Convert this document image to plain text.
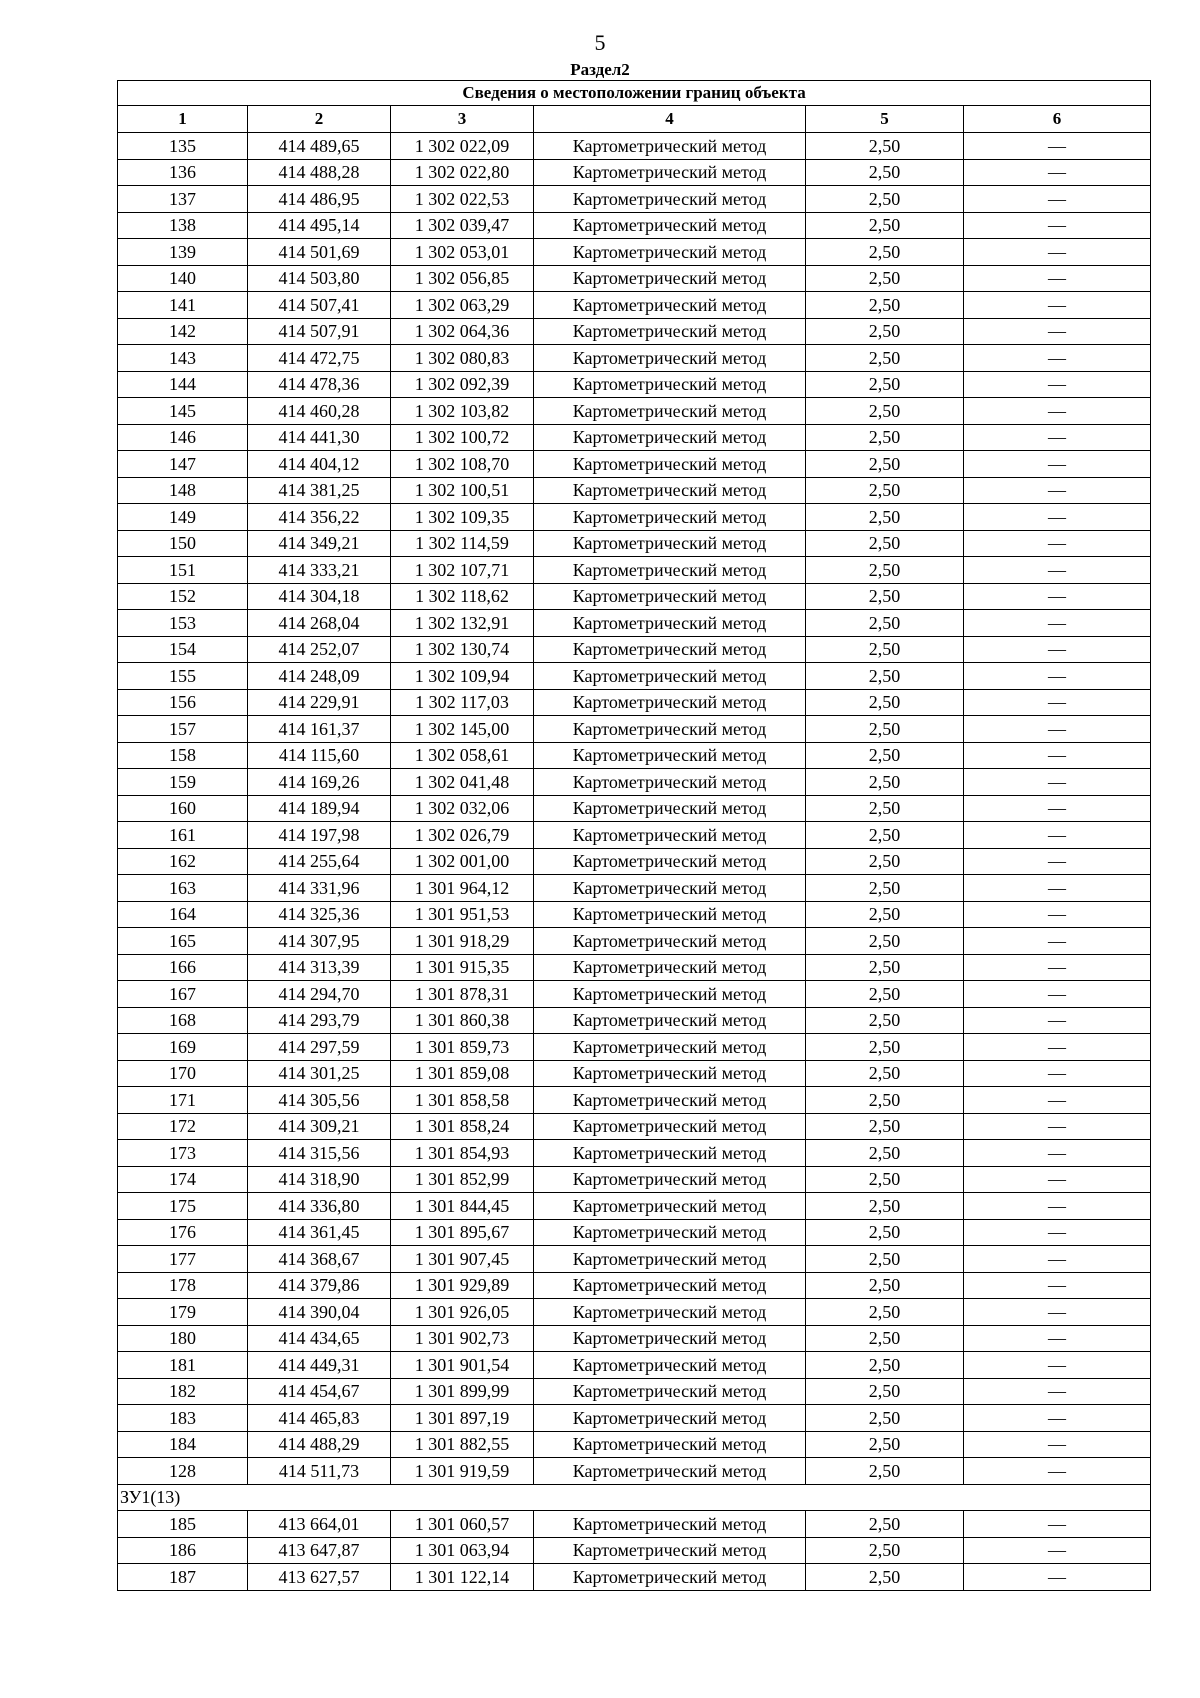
5
Раздел2
Сведения о местоположении границ объекта					
1	2	3	4	5	6
135	414 489,65	1 302 022,09	Картометрический метод	2,50	—
136	414 488,28	1 302 022,80	Картометрический метод	2,50	—
137	414 486,95	1 302 022,53	Картометрический метод	2,50	—
138	414 495,14	1 302 039,47	Картометрический метод	2,50	—
139	414 501,69	1 302 053,01	Картометрический метод	2,50	—
140	414 503,80	1 302 056,85	Картометрический метод	2,50	—
141	414 507,41	1 302 063,29	Картометрический метод	2,50	—
142	414 507,91	1 302 064,36	Картометрический метод	2,50	—
143	414 472,75	1 302 080,83	Картометрический метод	2,50	—
144	414 478,36	1 302 092,39	Картометрический метод	2,50	—
145	414 460,28	1 302 103,82	Картометрический метод	2,50	—
146	414 441,30	1 302 100,72	Картометрический метод	2,50	—
147	414 404,12	1 302 108,70	Картометрический метод	2,50	—
148	414 381,25	1 302 100,51	Картометрический метод	2,50	—
149	414 356,22	1 302 109,35	Картометрический метод	2,50	—
150	414 349,21	1 302 114,59	Картометрический метод	2,50	—
151	414 333,21	1 302 107,71	Картометрический метод	2,50	—
152	414 304,18	1 302 118,62	Картометрический метод	2,50	—
153	414 268,04	1 302 132,91	Картометрический метод	2,50	—
154	414 252,07	1 302 130,74	Картометрический метод	2,50	—
155	414 248,09	1 302 109,94	Картометрический метод	2,50	—
156	414 229,91	1 302 117,03	Картометрический метод	2,50	—
157	414 161,37	1 302 145,00	Картометрический метод	2,50	—
158	414 115,60	1 302 058,61	Картометрический метод	2,50	—
159	414 169,26	1 302 041,48	Картометрический метод	2,50	—
160	414 189,94	1 302 032,06	Картометрический метод	2,50	—
161	414 197,98	1 302 026,79	Картометрический метод	2,50	—
162	414 255,64	1 302 001,00	Картометрический метод	2,50	—
163	414 331,96	1 301 964,12	Картометрический метод	2,50	—
164	414 325,36	1 301 951,53	Картометрический метод	2,50	—
165	414 307,95	1 301 918,29	Картометрический метод	2,50	—
166	414 313,39	1 301 915,35	Картометрический метод	2,50	—
167	414 294,70	1 301 878,31	Картометрический метод	2,50	—
168	414 293,79	1 301 860,38	Картометрический метод	2,50	—
169	414 297,59	1 301 859,73	Картометрический метод	2,50	—
170	414 301,25	1 301 859,08	Картометрический метод	2,50	—
171	414 305,56	1 301 858,58	Картометрический метод	2,50	—
172	414 309,21	1 301 858,24	Картометрический метод	2,50	—
173	414 315,56	1 301 854,93	Картометрический метод	2,50	—
174	414 318,90	1 301 852,99	Картометрический метод	2,50	—
175	414 336,80	1 301 844,45	Картометрический метод	2,50	—
176	414 361,45	1 301 895,67	Картометрический метод	2,50	—
177	414 368,67	1 301 907,45	Картометрический метод	2,50	—
178	414 379,86	1 301 929,89	Картометрический метод	2,50	—
179	414 390,04	1 301 926,05	Картометрический метод	2,50	—
180	414 434,65	1 301 902,73	Картометрический метод	2,50	—
181	414 449,31	1 301 901,54	Картометрический метод	2,50	—
182	414 454,67	1 301 899,99	Картометрический метод	2,50	—
183	414 465,83	1 301 897,19	Картометрический метод	2,50	—
184	414 488,29	1 301 882,55	Картометрический метод	2,50	—
128	414 511,73	1 301 919,59	Картометрический метод	2,50	—
ЗУ1(13)					
185	413 664,01	1 301 060,57	Картометрический метод	2,50	—
186	413 647,87	1 301 063,94	Картометрический метод	2,50	—
187	413 627,57	1 301 122,14	Картометрический метод	2,50	—
